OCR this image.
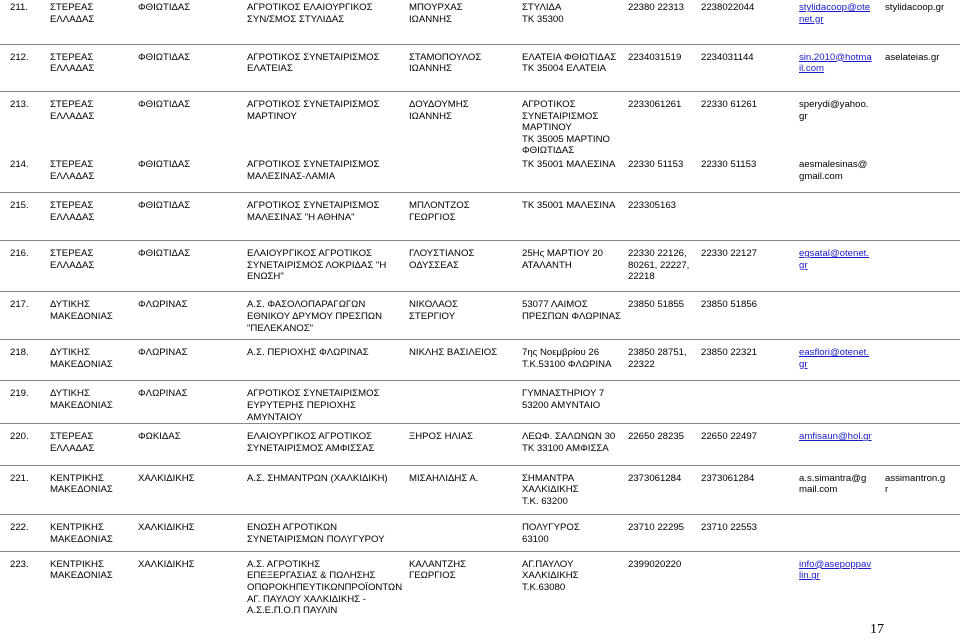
	211.	ΣΤΕΡΕΑΣ
ΕΛΛΑΔΑΣ	ΦΘΙΩΤΙΔΑΣ	ΑΓΡΟΤΙΚΟΣ ΕΛΑΙΟΥΡΓΙΚΟΣ
ΣΥΝ/ΣΜΟΣ ΣΤΥΛΙΔΑΣ	ΜΠΟΥΡΧΑΣ
ΙΩΑΝΝΗΣ	ΣΤΥΛΙΔΑ
ΤΚ 35300	22380 22313	2238022044	stylidacoop@ote
net.gr	stylidacoop.gr

	212.	ΣΤΕΡΕΑΣ
ΕΛΛΑΔΑΣ	ΦΘΙΩΤΙΔΑΣ	ΑΓΡΟΤΙΚΟΣ ΣΥΝΕΤΑΙΡΙΣΜΟΣ
ΕΛΑΤΕΙΑΣ	ΣΤΑΜΟΠΟΥΛΟΣ
ΙΩΑΝΝΗΣ	ΕΛΑΤΕΙΑ ΦΘΙΩΤΙΔΑΣ
ΤΚ 35004 ΕΛΑΤΕΙΑ	2234031519	2234031144	sin.2010@hotma
il.com	aselateias.gr

	213.	ΣΤΕΡΕΑΣ
ΕΛΛΑΔΑΣ	ΦΘΙΩΤΙΔΑΣ	ΑΓΡΟΤΙΚΟΣ ΣΥΝΕΤΑΙΡΙΣΜΟΣ
ΜΑΡΤΙΝΟΥ	ΔΟΥΔΟΥΜΗΣ
ΙΩΑΝΝΗΣ	ΑΓΡΟΤΙΚΟΣ
ΣΥΝΕΤΑΙΡΙΣΜΟΣ
ΜΑΡΤΙΝΟΥ
ΤΚ 35005 ΜΑΡΤΙΝΟ
ΦΘΙΩΤΙΔΑΣ	2233061261	22330 61261	sperydi@yahoo.
gr	
	214.	ΣΤΕΡΕΑΣ
ΕΛΛΑΔΑΣ	ΦΘΙΩΤΙΔΑΣ	ΑΓΡΟΤΙΚΟΣ ΣΥΝΕΤΑΙΡΙΣΜΟΣ
ΜΑΛΕΣΙΝΑΣ-ΛΑΜΙΑ		ΤΚ 35001 ΜΑΛΕΣΙΝΑ	22330 51153	22330 51153	aesmalesinas@
gmail.com	

	215.	ΣΤΕΡΕΑΣ
ΕΛΛΑΔΑΣ	ΦΘΙΩΤΙΔΑΣ	ΑΓΡΟΤΙΚΟΣ ΣΥΝΕΤΑΙΡΙΣΜΟΣ
ΜΑΛΕΣΙΝΑΣ "Η ΑΘΗΝΑ"	ΜΠΛΟΝΤΖΟΣ
ΓΕΩΡΓΙΟΣ	ΤΚ 35001 ΜΑΛΕΣΙΝΑ	223305163			

	216.	ΣΤΕΡΕΑΣ
ΕΛΛΑΔΑΣ	ΦΘΙΩΤΙΔΑΣ	ΕΛΑΙΟΥΡΓΙΚΟΣ ΑΓΡΟΤΙΚΟΣ
ΣΥΝΕΤΑΙΡΙΣΜΟΣ ΛΟΚΡΙΔΑΣ "Η
ΕΝΩΣΗ"	ΓΛΟΥΣΤΙΑΝΟΣ
ΟΔΥΣΣΕΑΣ	25Ης ΜΑΡΤΙΟΥ 20
ΑΤΑΛΑΝΤΗ	22330 22126,
80261, 22227,
22218	22330 22127	egsatal@otenet.
gr	

	217.	ΔΥΤΙΚΗΣ
ΜΑΚΕΔΟΝΙΑΣ	ΦΛΩΡΙΝΑΣ	Α.Σ. ΦΑΣΟΛΟΠΑΡΑΓΩΓΩΝ
ΕΘΝΙΚΟΥ ΔΡΥΜΟΥ ΠΡΕΣΠΩΝ
"ΠΕΛΕΚΑΝΟΣ"	ΝΙΚΟΛΑΟΣ
ΣΤΕΡΓΙΟΥ	53077 ΛΑΙΜΟΣ
ΠΡΕΣΠΩΝ ΦΛΩΡΙΝΑΣ	23850 51855	23850 51856		

	218.	ΔΥΤΙΚΗΣ
ΜΑΚΕΔΟΝΙΑΣ	ΦΛΩΡΙΝΑΣ	Α.Σ. ΠΕΡΙΟΧΗΣ ΦΛΩΡΙΝΑΣ	ΝΙΚΛΗΣ ΒΑΣΙΛΕΙΟΣ	7ης Νοεμβρίου 26
Τ.Κ.53100 ΦΛΩΡΙΝΑ	23850 28751,
22322	23850 22321	easflori@otenet.
gr	

	219.	ΔΥΤΙΚΗΣ
ΜΑΚΕΔΟΝΙΑΣ	ΦΛΩΡΙΝΑΣ	ΑΓΡΟΤΙΚΟΣ ΣΥΝΕΤΑΙΡΙΣΜΟΣ
ΕΥΡΥΤΕΡΗΣ ΠΕΡΙΟΧΗΣ
ΑΜΥΝΤΑΙΟΥ		ΓΥΜΝΑΣΤΗΡΙΟΥ 7
53200 ΑΜΥΝΤΑΙΟ				

	220.	ΣΤΕΡΕΑΣ
ΕΛΛΑΔΑΣ	ΦΩΚΙΔΑΣ	ΕΛΑΙΟΥΡΓΙΚΟΣ ΑΓΡΟΤΙΚΟΣ
ΣΥΝΕΤΑΙΡΙΣΜΟΣ ΑΜΦΙΣΣΑΣ	ΞΗΡΟΣ ΗΛΙΑΣ	ΛΕΩΦ. ΣΑΛΩΝΩΝ 30
ΤΚ 33100 ΑΜΦΙΣΣΑ	22650 28235	22650 22497	amfisaun@hol.gr	

	221.	ΚΕΝΤΡΙΚΗΣ
ΜΑΚΕΔΟΝΙΑΣ	ΧΑΛΚΙΔΙΚΗΣ	Α.Σ. ΣΗΜΑΝΤΡΩΝ (ΧΑΛΚΙΔΙΚΗ)	ΜΙΣΑΗΛΙΔΗΣ Α.	ΣΗΜΑΝΤΡΑ
ΧΑΛΚΙΔΙΚΗΣ
Τ.Κ. 63200	2373061284	2373061284	a.s.simantra@g
mail.com	assimantron.g
r

	222.	ΚΕΝΤΡΙΚΗΣ
ΜΑΚΕΔΟΝΙΑΣ	ΧΑΛΚΙΔΙΚΗΣ	ΕΝΩΣΗ ΑΓΡΟΤΙΚΩΝ
ΣΥΝΕΤΑΙΡΙΣΜΩΝ ΠΟΛΥΓΥΡΟΥ		ΠΟΛΥΓΥΡΟΣ
63100	23710 22295	23710 22553		

	223.	ΚΕΝΤΡΙΚΗΣ
ΜΑΚΕΔΟΝΙΑΣ	ΧΑΛΚΙΔΙΚΗΣ	Α.Σ. ΑΓΡΟΤΙΚΗΣ
ΕΠΕΞΕΡΓΑΣΙΑΣ & ΠΩΛΗΣΗΣ
ΟΠΩΡΟΚΗΠΕΥΤΙΚΩΝΠΡΟΪΟΝΤΩΝ
ΑΓ. ΠΑΥΛΟΥ ΧΑΛΚΙΔΙΚΗΣ -
Α.Σ.Ε.Π.Ο.Π ΠΑΥΛΙΝ	ΚΑΛΑΝΤΖΗΣ
ΓΕΩΡΓΙΟΣ	ΑΓ.ΠΑΥΛΟΥ
ΧΑΛΚΙΔΙΚΗΣ
Τ.Κ.63080	2399020220		info@asepoppav
lin.gr	
17
